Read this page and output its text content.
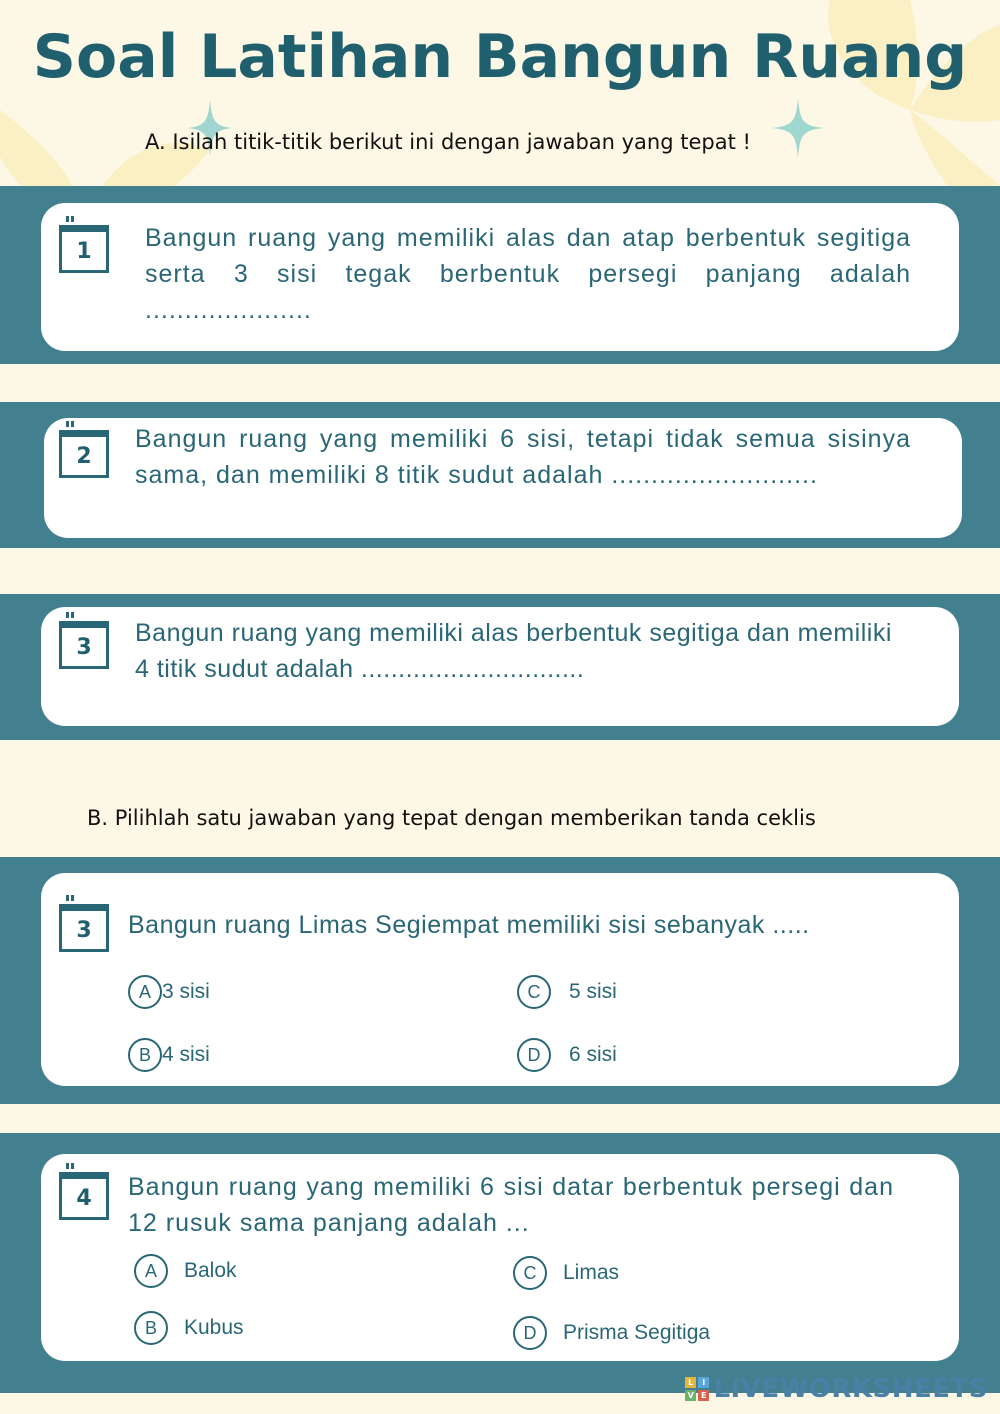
Soal Latihan Bangun Ruang

A. Isilah titik-titik berikut ini dengan jawaban yang tepat !

1	Bangun ruang yang memiliki alas dan atap berbentuk segitiga serta 3 sisi tegak berbentuk persegi panjang adalah .....................

2

Bangun ruang yang memiliki 6 sisi, tetapi tidak semua sisinya sama, dan memiliki 8 titik sudut adalah ..........................

3	Bangun ruang yang memiliki alas berbentuk segitiga dan memiliki 4 titik sudut adalah ..............................

B. Pilihlah satu jawaban yang tepat dengan memberikan tanda ceklis

3	Bangun ruang Limas Segiempat memiliki sisi sebanyak .....

A 3 sisi
B 4 sisi
C	5 sisi
D	6 sisi
4	Bangun ruang yang memiliki 6 sisi datar berbentuk persegi dan 12 rusuk sama panjang adalah ...

A	Balok
B	Kubus
C	Limas
D	Prisma Segitiga
L	I
V E LIVEWORKSHEETS
